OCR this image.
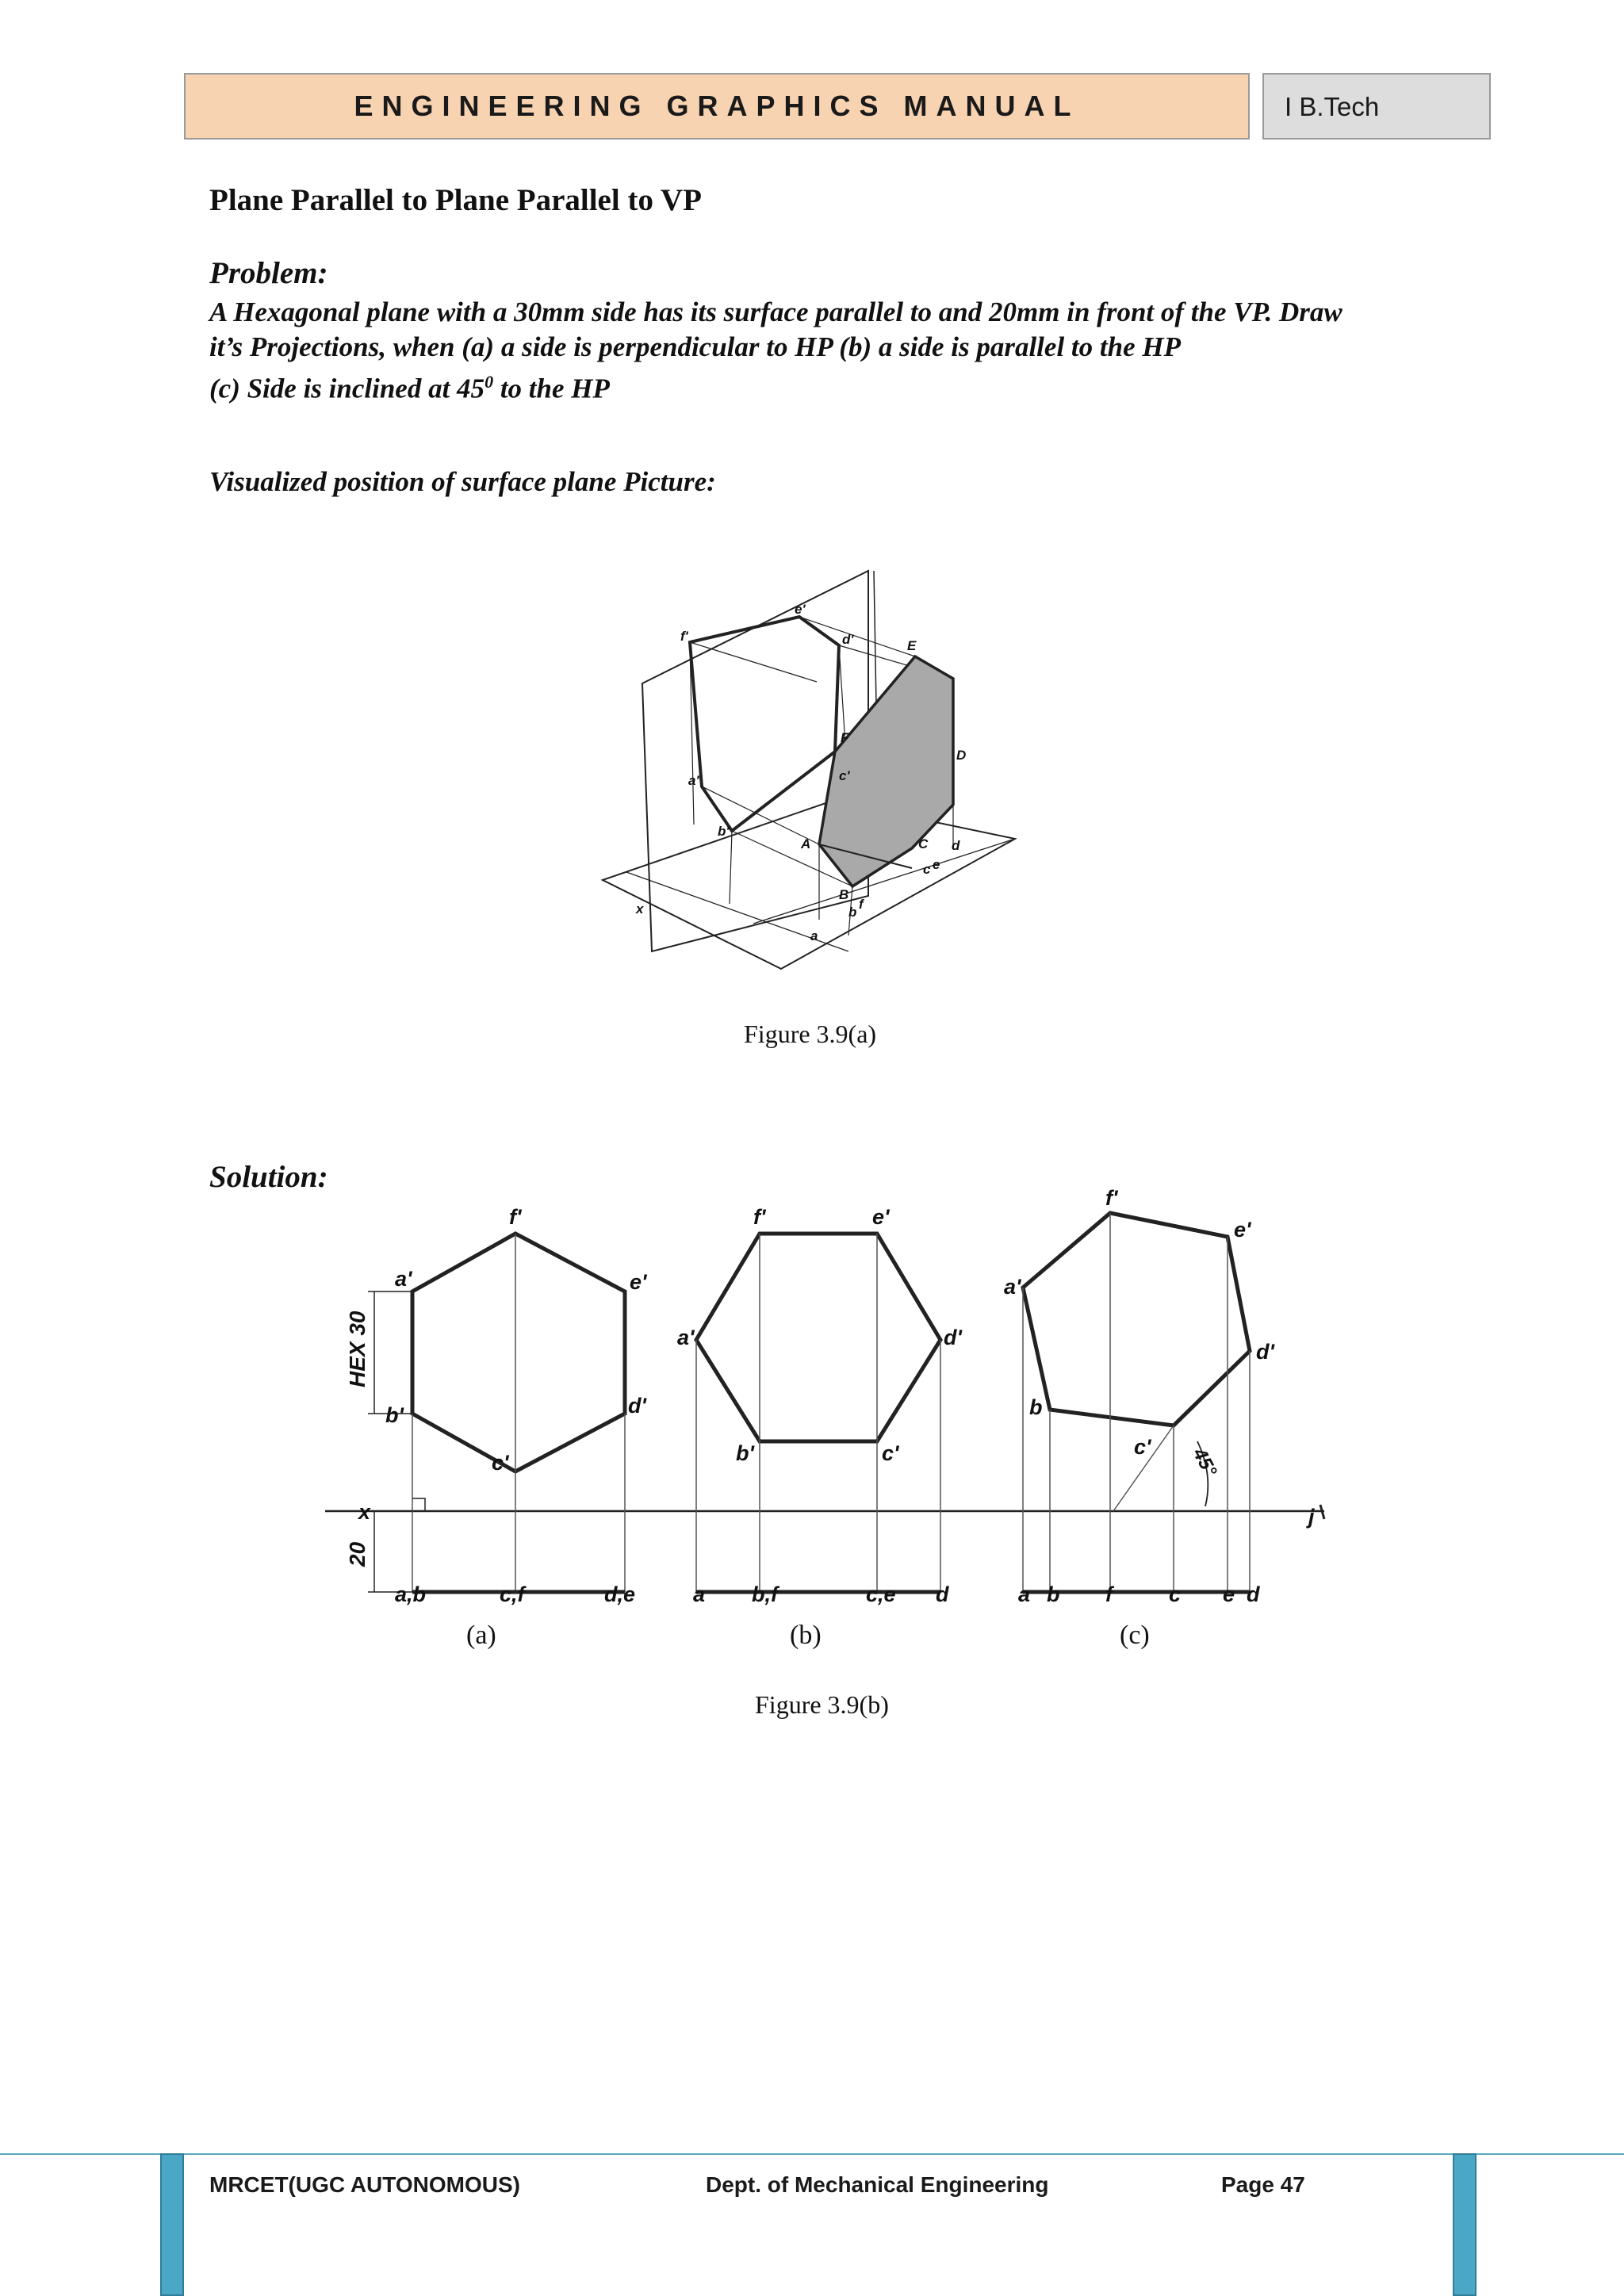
ENGINEERING GRAPHICS MANUAL	I B.Tech
Plane Parallel to Plane Parallel to VP
Problem:
A Hexagonal plane with a 30mm side has its surface parallel to and 20mm in front of the VP. Draw
it’s Projections, when (a) a side is perpendicular to HP (b) a side is parallel to the HP
(c) Side is inclined at $45^0$ to the HP
Visualized position of surface plane Picture:
e'
f'	d'
a'	c'
b'
E
F
D
A	C
B
d
c e
b
f
a
x
Figure 3.9(a)
Solution:
f'
a'	e'
b'	d'
c'
a,b	c,f	d,e
x	j
f'	e'
a'	d'
b'	c'
a b,f	c,e d
f'
e'
a'
d'
b
c'
a b f	c e d
HEX 30
20
45°
(a)	(b)	(c)
Figure 3.9(b)
MRCET(UGC AUTONOMOUS)	Dept. of Mechanical Engineering	Page 47
